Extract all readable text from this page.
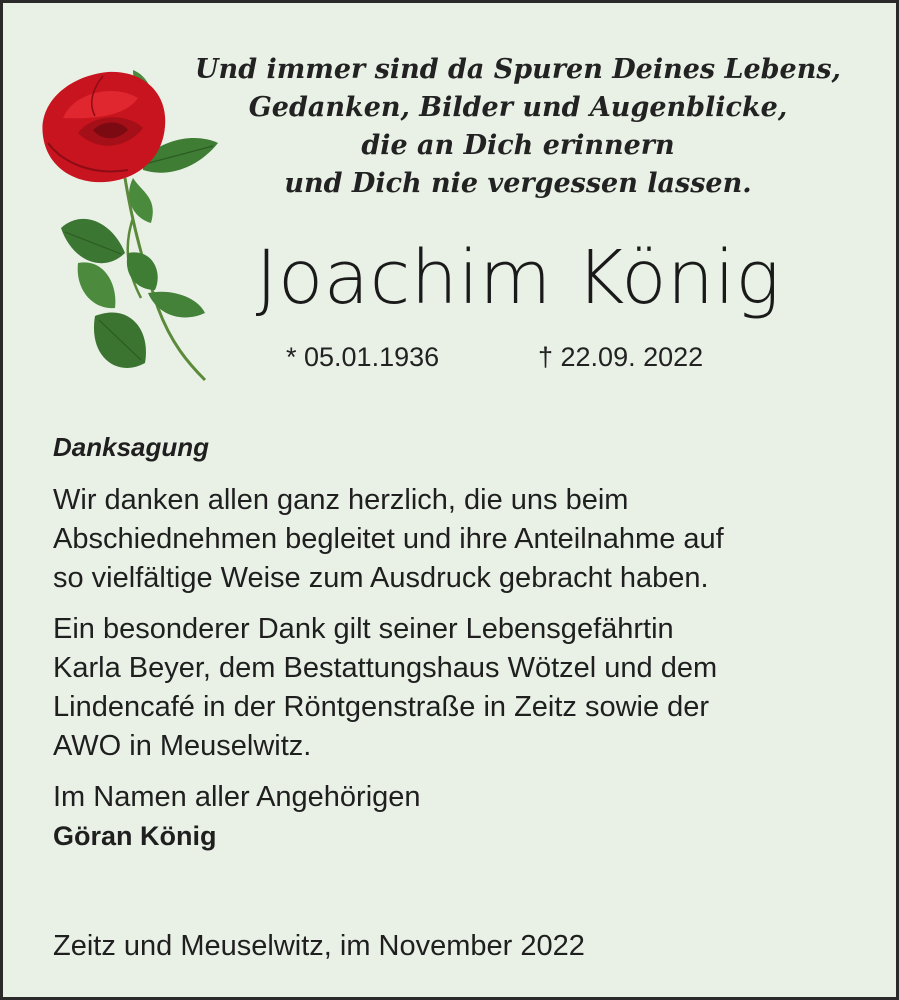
Und immer sind da Spuren Deines Lebens,
Gedanken, Bilder und Augenblicke,
die an Dich erinnern
und Dich nie vergessen lassen.
Joachim König
* 05.01.1936	† 22.09. 2022
Danksagung
Wir danken allen ganz herzlich, die uns beim
Abschiednehmen begleitet und ihre Anteilnahme auf
so vielfältige Weise zum Ausdruck gebracht haben.
Ein besonderer Dank gilt seiner Lebensgefährtin
Karla Beyer, dem Bestattungshaus Wötzel und dem
Lindencafé in der Röntgenstraße in Zeitz sowie der
AWO in Meuselwitz.
Im Namen aller Angehörigen
Göran König
Zeitz und Meuselwitz, im November 2022
